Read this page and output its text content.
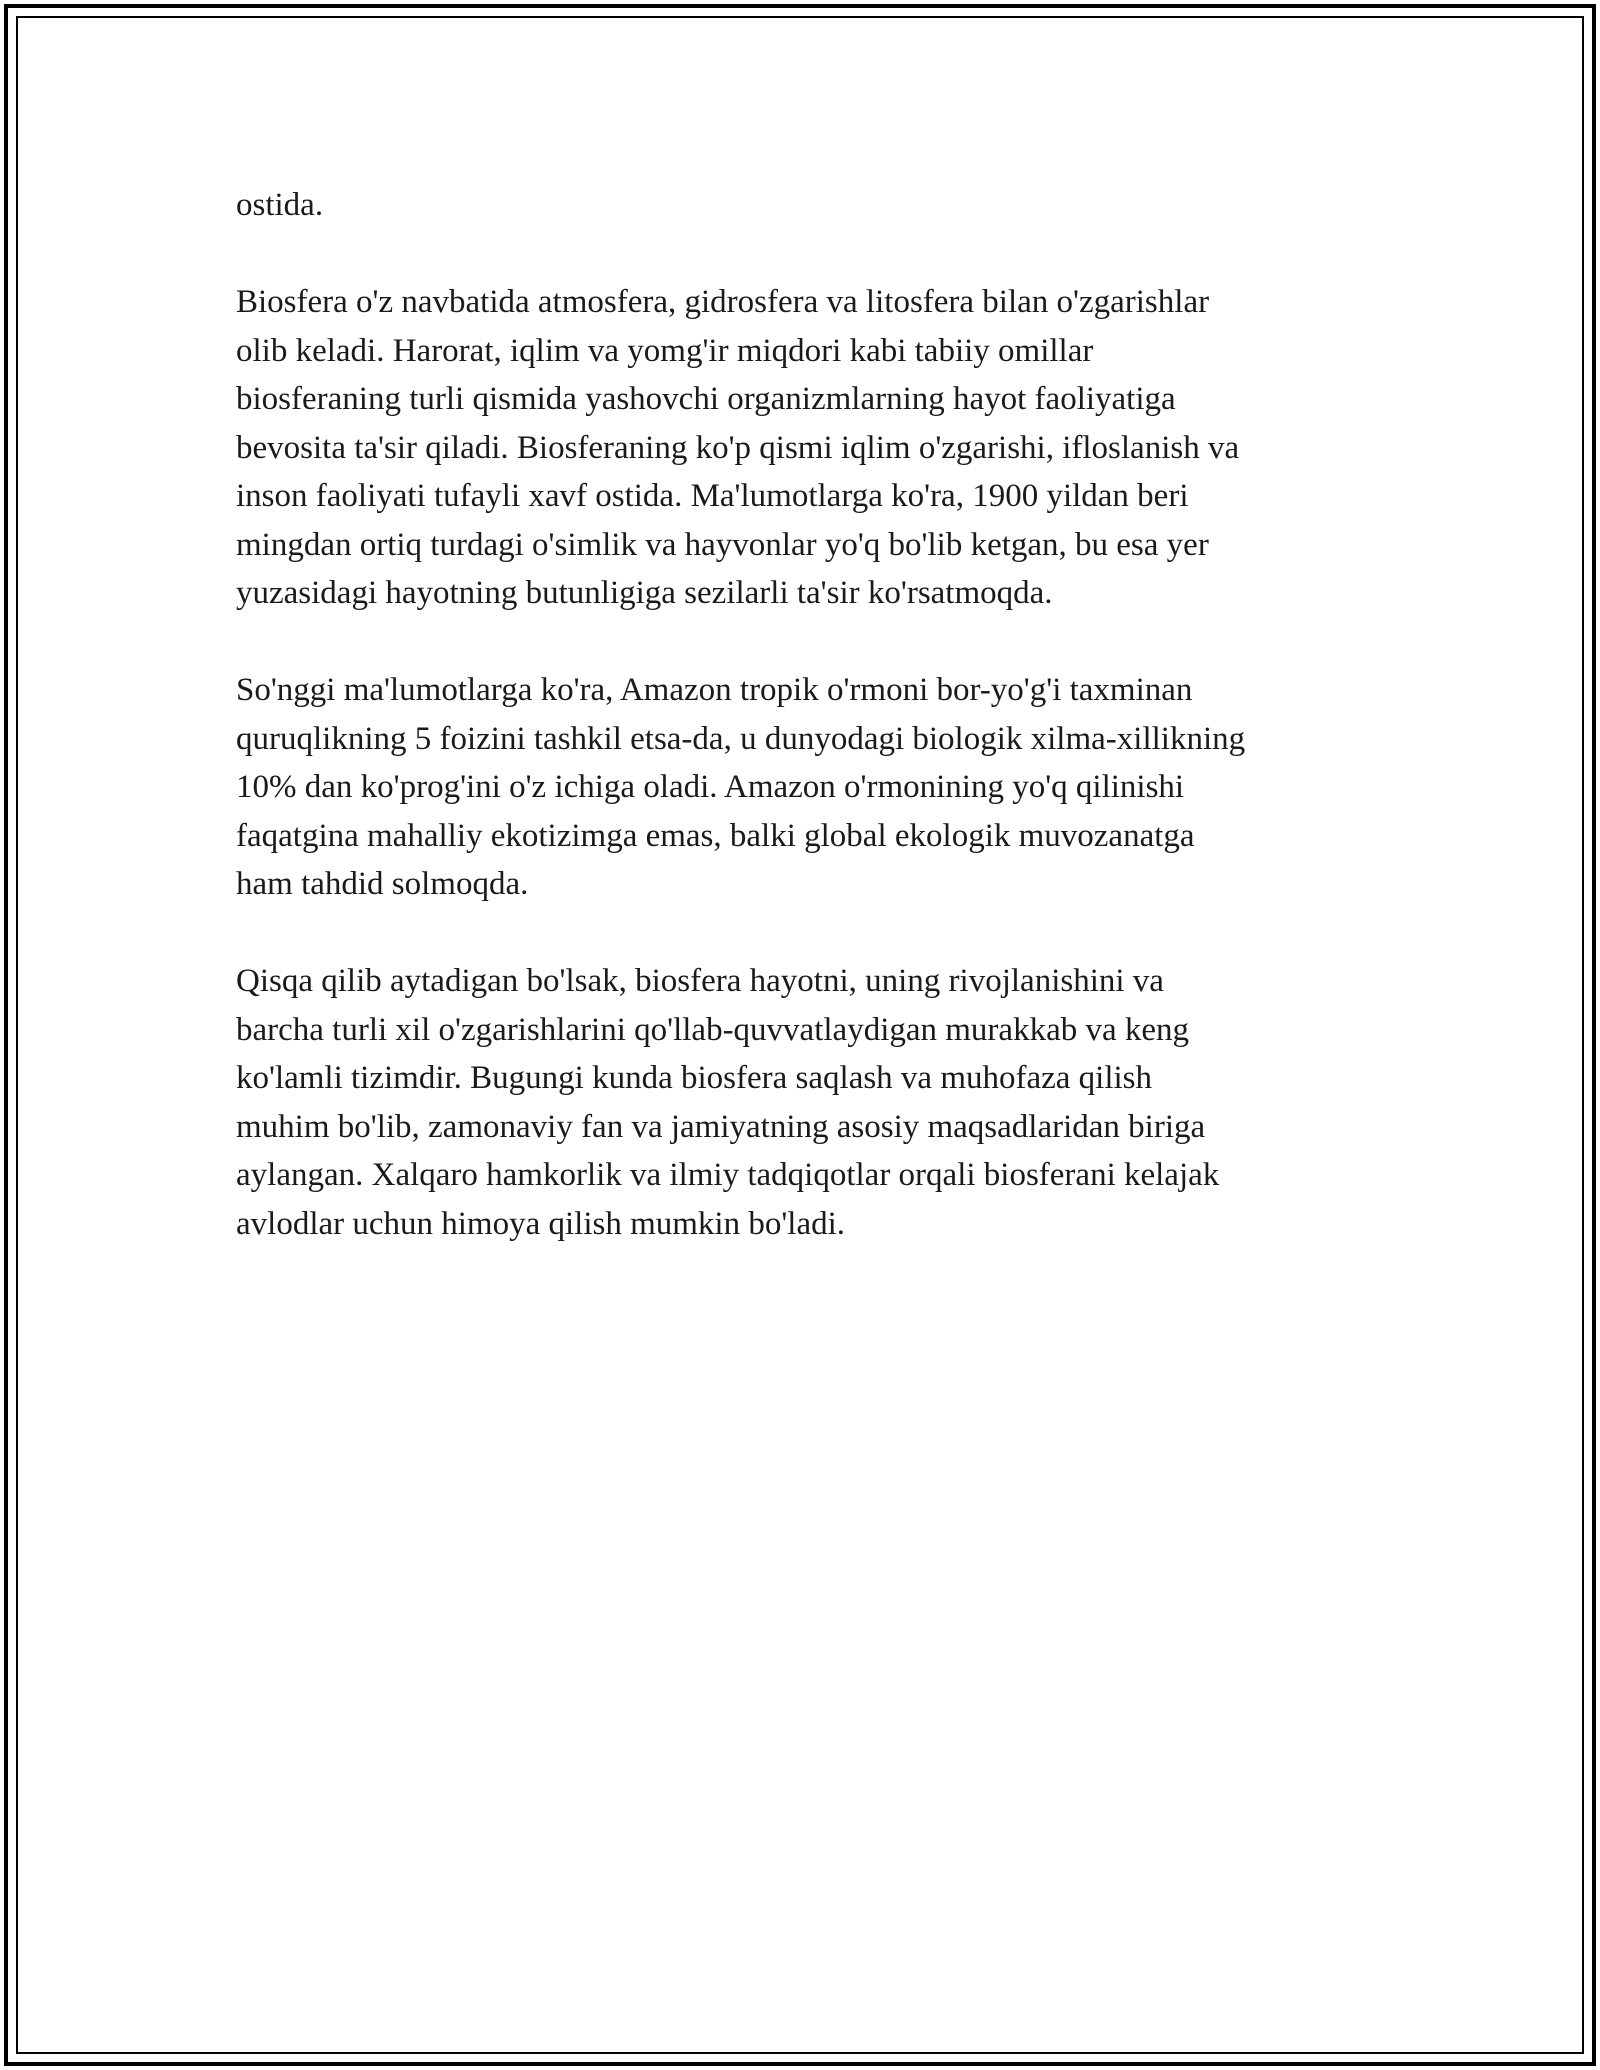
ostida.

Biosfera o'z navbatida atmosfera, gidrosfera va litosfera bilan o'zgarishlar
olib keladi. Harorat, iqlim va yomg'ir miqdori kabi tabiiy omillar
biosferaning turli qismida yashovchi organizmlarning hayot faoliyatiga
bevosita ta'sir qiladi. Biosferaning ko'p qismi iqlim o'zgarishi, ifloslanish va
inson faoliyati tufayli xavf ostida. Ma'lumotlarga ko'ra, 1900 yildan beri
mingdan ortiq turdagi o'simlik va hayvonlar yo'q bo'lib ketgan, bu esa yer
yuzasidagi hayotning butunligiga sezilarli ta'sir ko'rsatmoqda.

So'nggi ma'lumotlarga ko'ra, Amazon tropik o'rmoni bor-yo'g'i taxminan
quruqlikning 5 foizini tashkil etsa-da, u dunyodagi biologik xilma-xillikning
10% dan ko'prog'ini o'z ichiga oladi. Amazon o'rmonining yo'q qilinishi
faqatgina mahalliy ekotizimga emas, balki global ekologik muvozanatga
ham tahdid solmoqda.

Qisqa qilib aytadigan bo'lsak, biosfera hayotni, uning rivojlanishini va
barcha turli xil o'zgarishlarini qo'llab-quvvatlaydigan murakkab va keng
ko'lamli tizimdir. Bugungi kunda biosfera saqlash va muhofaza qilish
muhim bo'lib, zamonaviy fan va jamiyatning asosiy maqsadlaridan biriga
aylangan. Xalqaro hamkorlik va ilmiy tadqiqotlar orqali biosferani kelajak
avlodlar uchun himoya qilish mumkin bo'ladi.
